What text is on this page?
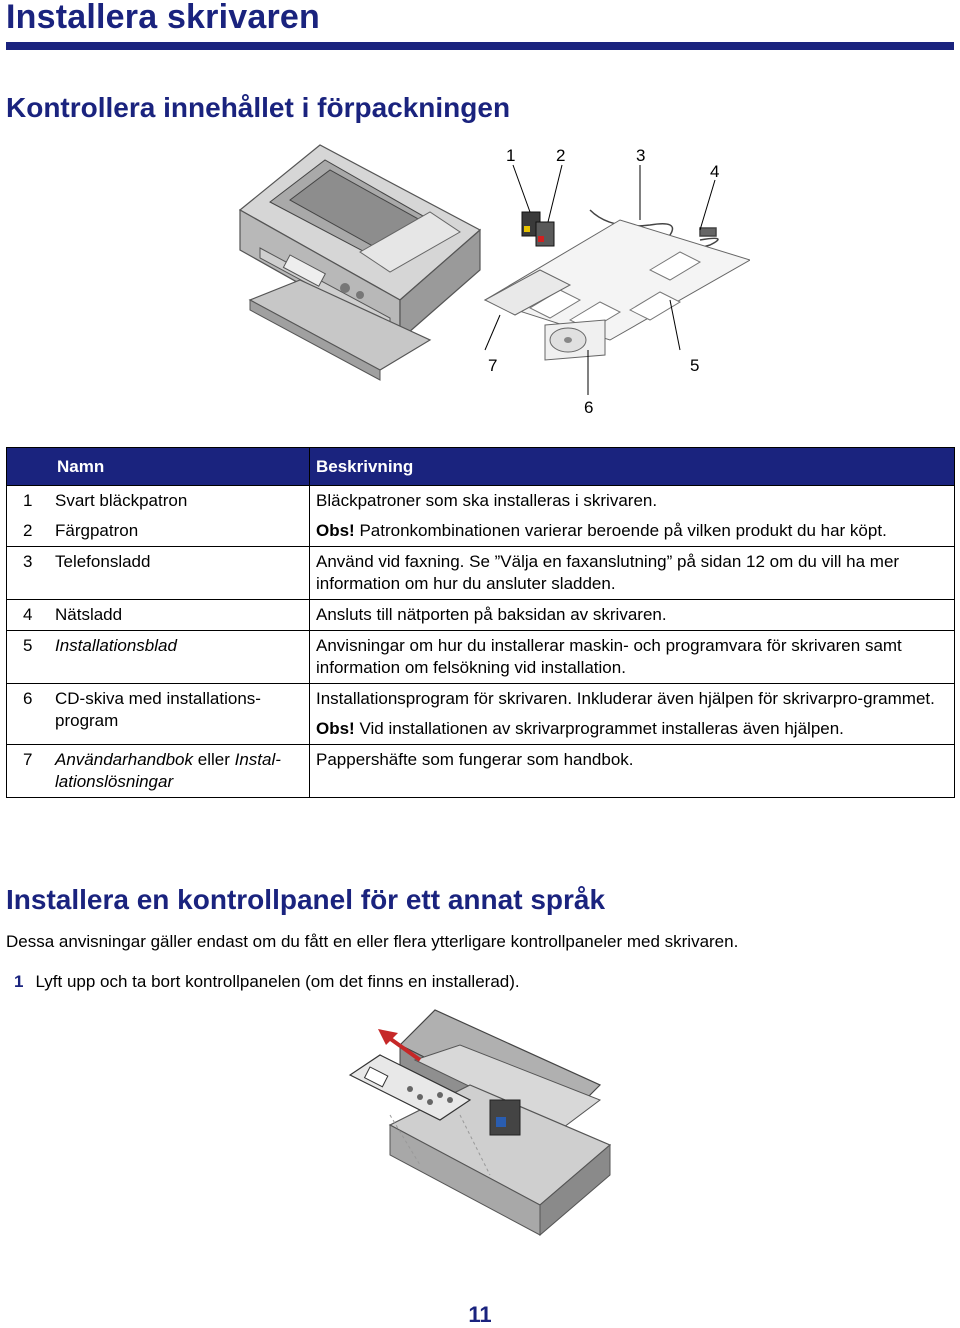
Installera skrivaren
Kontrollera innehållet i förpackningen
1 2	3
4
5
6
7
Namn		Beskrivning
1	Svart bläckpatron	Bläckpatroner som ska installeras i skrivaren.
2	Färgpatron	Obs! Patronkombinationen varierar beroende på vilken produkt du har köpt.
3	Telefonsladd	Använd vid faxning. Se ”Välja en faxanslutning” på sidan 12 om du vill ha mer information om hur du ansluter sladden.
4	Nätsladd	Ansluts till nätporten på baksidan av skrivaren.
5	Installationsblad	Anvisningar om hur du installerar maskin- och programvara för skrivaren samt information om felsökning vid installation.
6	CD-skiva med installations-program	Installationsprogram för skrivaren. Inkluderar även hjälpen för skrivarpro-grammet.
Obs! Vid installationen av skrivarprogrammet installeras även hjälpen.

7	Användarhandbok eller Instal-lationslösningar	Pappershäfte som fungerar som handbok.
Installera en kontrollpanel för ett annat språk

Dessa anvisningar gäller endast om du fått en eller flera ytterligare kontrollpaneler med skrivaren.

1 Lyft upp och ta bort kontrollpanelen (om det finns en installerad).
11
